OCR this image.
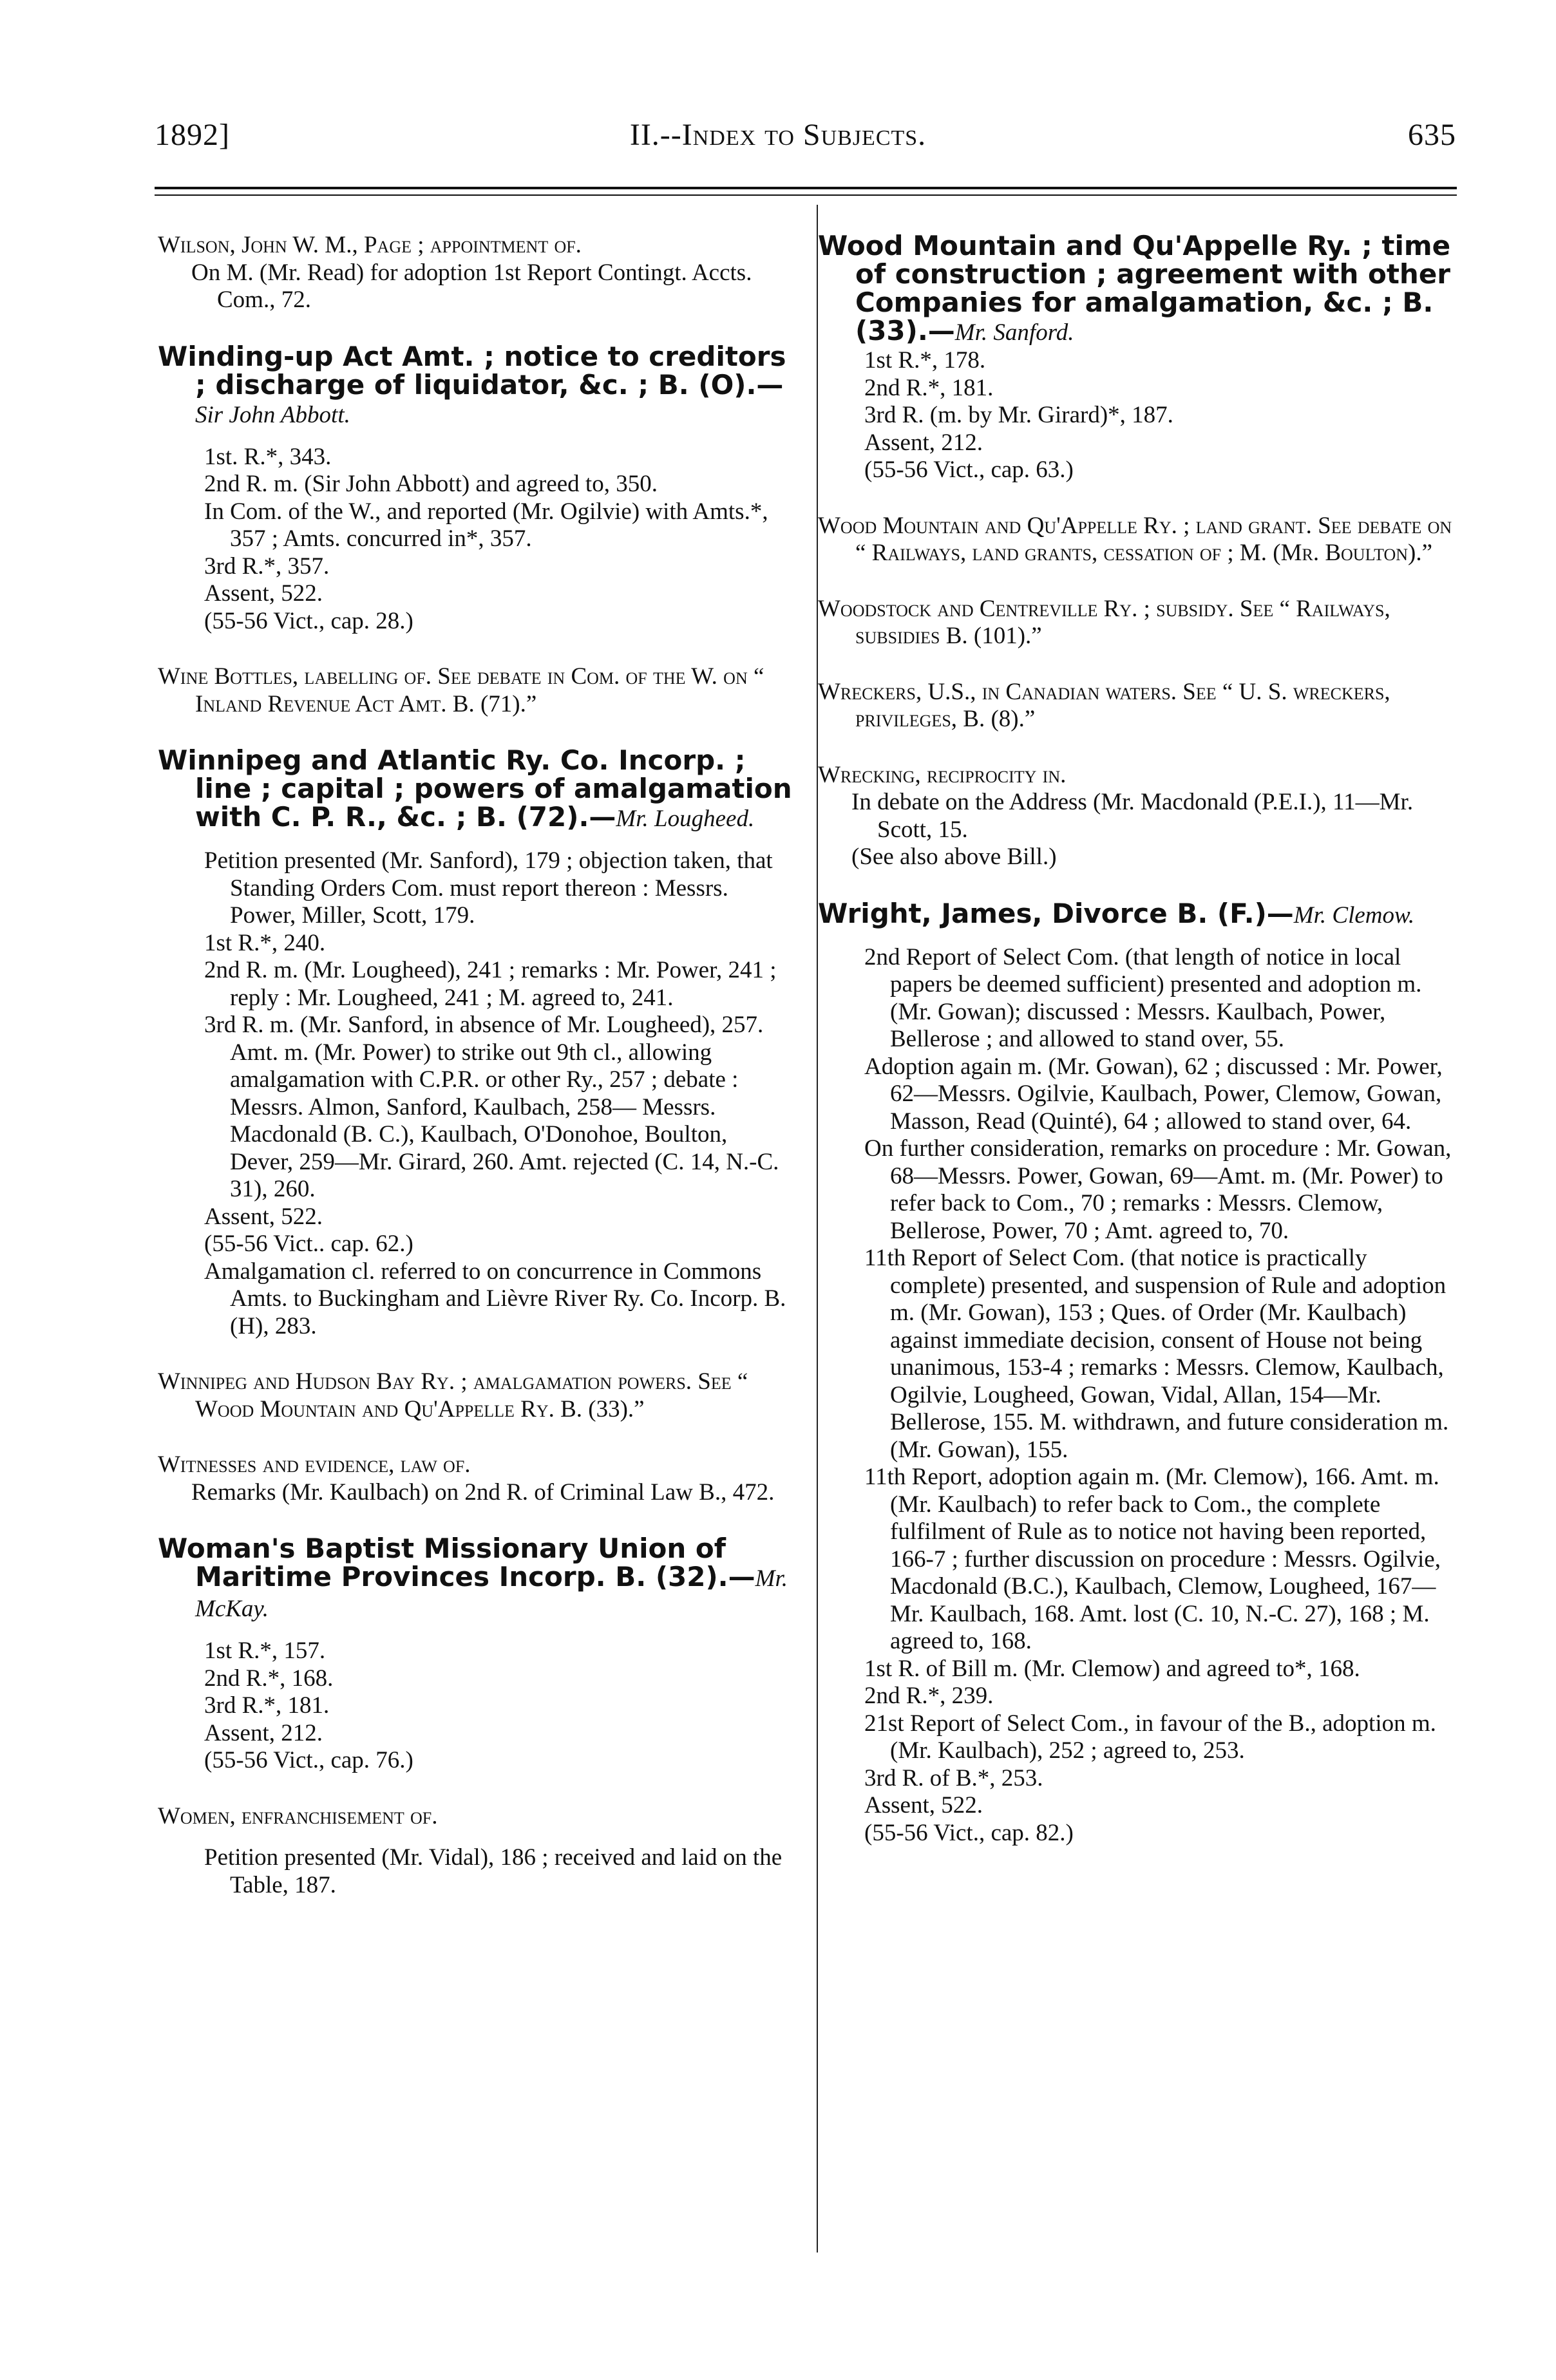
1892]	II.--Index to Subjects.	635
Wilson, John W. M., Page ; appointment of.
On M. (Mr. Read) for adoption 1st Report Contingt. Accts. Com., 72.
Winding-up Act Amt. ; notice to creditors ; discharge of liquidator, &c. ; B. (O).—Sir John Abbott.
1st. R.*, 343.
2nd R. m. (Sir John Abbott) and agreed to, 350.
In Com. of the W., and reported (Mr. Ogilvie) with Amts.*, 357 ; Amts. concurred in*, 357.
3rd R.*, 357.
Assent, 522.
(55-56 Vict., cap. 28.)
Wine Bottles, labelling of. See debate in Com. of the W. on “ Inland Revenue Act Amt. B. (71).”
Winnipeg and Atlantic Ry. Co. Incorp. ; line ; capital ; powers of amalgamation with C. P. R., &c. ; B. (72).—Mr. Lougheed.
Petition presented (Mr. Sanford), 179 ; objection taken, that Standing Orders Com. must report thereon : Messrs. Power, Miller, Scott, 179.
1st R.*, 240.
2nd R. m. (Mr. Lougheed), 241 ; remarks : Mr. Power, 241 ; reply : Mr. Lougheed, 241 ; M. agreed to, 241.
3rd R. m. (Mr. Sanford, in absence of Mr. Lougheed), 257. Amt. m. (Mr. Power) to strike out 9th cl., allowing amalgamation with C.P.R. or other Ry., 257 ; debate : Messrs. Almon, Sanford, Kaulbach, 258— Messrs. Macdonald (B. C.), Kaulbach, O'Donohoe, Boulton, Dever, 259—Mr. Girard, 260. Amt. rejected (C. 14, N.-C. 31), 260.
Assent, 522.
(55-56 Vict.. cap. 62.)
Amalgamation cl. referred to on concurrence in Commons Amts. to Buckingham and Lièvre River Ry. Co. Incorp. B. (H), 283.
Winnipeg and Hudson Bay Ry. ; amalgamation powers. See “ Wood Mountain and Qu'Appelle Ry. B. (33).”
Witnesses and evidence, law of.
Remarks (Mr. Kaulbach) on 2nd R. of Criminal Law B., 472.
Woman's Baptist Missionary Union of Maritime Provinces Incorp. B. (32).—Mr. McKay.
1st R.*, 157.
2nd R.*, 168.
3rd R.*, 181.
Assent, 212.
(55-56 Vict., cap. 76.)
Women, enfranchisement of.
Petition presented (Mr. Vidal), 186 ; received and laid on the Table, 187.
Wood Mountain and Qu'Appelle Ry. ; time of construction ; agreement with other Companies for amalgamation, &c. ; B. (33).—Mr. Sanford.
1st R.*, 178.
2nd R.*, 181.
3rd R. (m. by Mr. Girard)*, 187.
Assent, 212.
(55-56 Vict., cap. 63.)
Wood Mountain and Qu'Appelle Ry. ; land grant. See debate on “ Railways, land grants, cessation of ; M. (Mr. Boulton).”
Woodstock and Centreville Ry. ; subsidy. See “ Railways, subsidies B. (101).”
Wreckers, U.S., in Canadian waters. See “ U. S. wreckers, privileges, B. (8).”
Wrecking, reciprocity in.
In debate on the Address (Mr. Macdonald (P.E.I.), 11—Mr. Scott, 15.
(See also above Bill.)
Wright, James, Divorce B. (F.)—Mr. Clemow.
2nd Report of Select Com. (that length of notice in local papers be deemed sufficient) presented and adoption m. (Mr. Gowan); discussed : Messrs. Kaulbach, Power, Bellerose ; and allowed to stand over, 55.
Adoption again m. (Mr. Gowan), 62 ; discussed : Mr. Power, 62—Messrs. Ogilvie, Kaulbach, Power, Clemow, Gowan, Masson, Read (Quinté), 64 ; allowed to stand over, 64.
On further consideration, remarks on procedure : Mr. Gowan, 68—Messrs. Power, Gowan, 69—Amt. m. (Mr. Power) to refer back to Com., 70 ; remarks : Messrs. Clemow, Bellerose, Power, 70 ; Amt. agreed to, 70.
11th Report of Select Com. (that notice is practically complete) presented, and suspension of Rule and adoption m. (Mr. Gowan), 153 ; Ques. of Order (Mr. Kaulbach) against immediate decision, consent of House not being unanimous, 153-4 ; remarks : Messrs. Clemow, Kaulbach, Ogilvie, Lougheed, Gowan, Vidal, Allan, 154—Mr. Bellerose, 155. M. withdrawn, and future consideration m. (Mr. Gowan), 155.
11th Report, adoption again m. (Mr. Clemow), 166. Amt. m. (Mr. Kaulbach) to refer back to Com., the complete fulfilment of Rule as to notice not having been reported, 166-7 ; further discussion on procedure : Messrs. Ogilvie, Macdonald (B.C.), Kaulbach, Clemow, Lougheed, 167—Mr. Kaulbach, 168. Amt. lost (C. 10, N.-C. 27), 168 ; M. agreed to, 168.
1st R. of Bill m. (Mr. Clemow) and agreed to*, 168.
2nd R.*, 239.
21st Report of Select Com., in favour of the B., adoption m. (Mr. Kaulbach), 252 ; agreed to, 253.
3rd R. of B.*, 253.
Assent, 522.
(55-56 Vict., cap. 82.)
